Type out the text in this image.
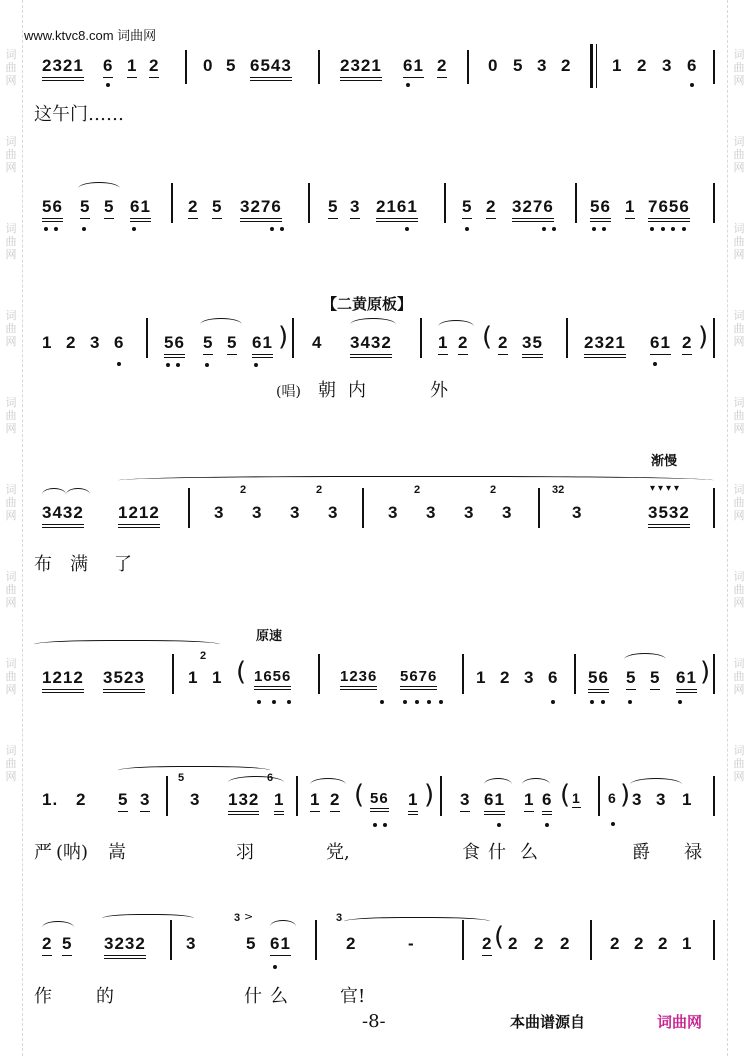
词
曲
网
词
曲
网
词
曲
网
词
曲
网
词
曲
网
词
曲
网
词
曲
网
词
曲
网
词
曲
网
词
曲
网
词
曲
网
词
曲
网
词
曲
网
词
曲
网
词
曲
网
词
曲
网
词
曲
网
词
曲
网
www.ktvc8.com 词曲网
2321 6 1 2	0 5 6543	2321 61 2 0 5 3 2 1 2 3 6
这午门……
56 5 5 61 2 5 3276	5 3 2161	5 2 3276 56 1 7656
【二黄原板】
1 2 3 6 56 5 5 61 ) 4 3432	1 2 ( 2 35 2321 61 2 )
(唱) 朝 内	外
渐慢
▾▾▾▾
3432 1212	3
2
3 3
2
3	3
2
3 3
2
3
32
3	3532
布 满 了
原速
1212 3523	1
2
1 ( 1656	1236 5676 1 2 3 6 56 5 5 61 )
1. 2 5 3
5
3 132
6
1 1 2 ( 56 1 ) 3 61 1 6 ( 1 6 ) 3 3 1
严 (呐) 嵩	羽	党,	食 什 么	爵 禄
2 5 3232 3
3 >
5 61
3
2	-	2 ( 2 2 2 2 2 2 1
作 的	什 么	官!
-8-	本曲谱源自	词曲网
